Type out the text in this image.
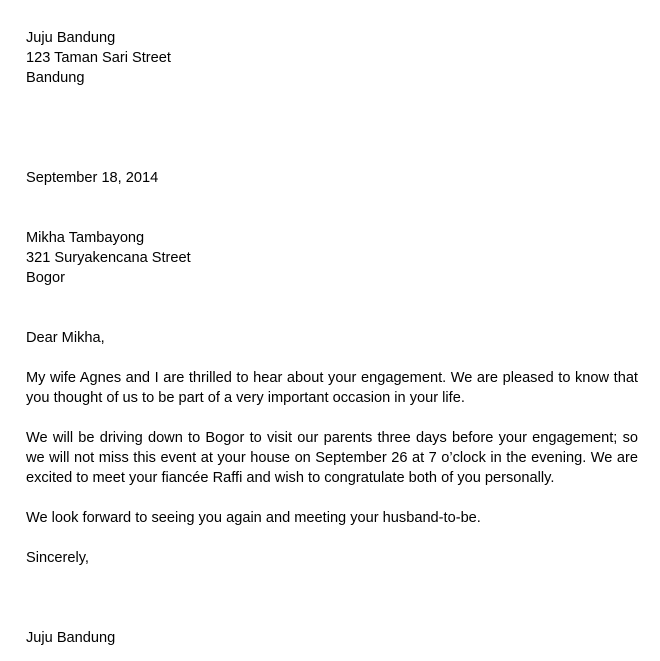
Juju Bandung

123 Taman Sari Street

Bandung

September 18, 2014

Mikha Tambayong

321 Suryakencana Street

Bogor

Dear Mikha,

My wife Agnes and I are thrilled to hear about your engagement. We are pleased to know that you thought of us to be part of a very important occasion in your life.

We will be driving down to Bogor to visit our parents three days before your engagement; so we will not miss this event at your house on September 26 at 7 o’clock in the evening. We are excited to meet your fiancée Raffi and wish to congratulate both of you personally.

We look forward to seeing you again and meeting your husband-to-be.

Sincerely,

Juju Bandung
